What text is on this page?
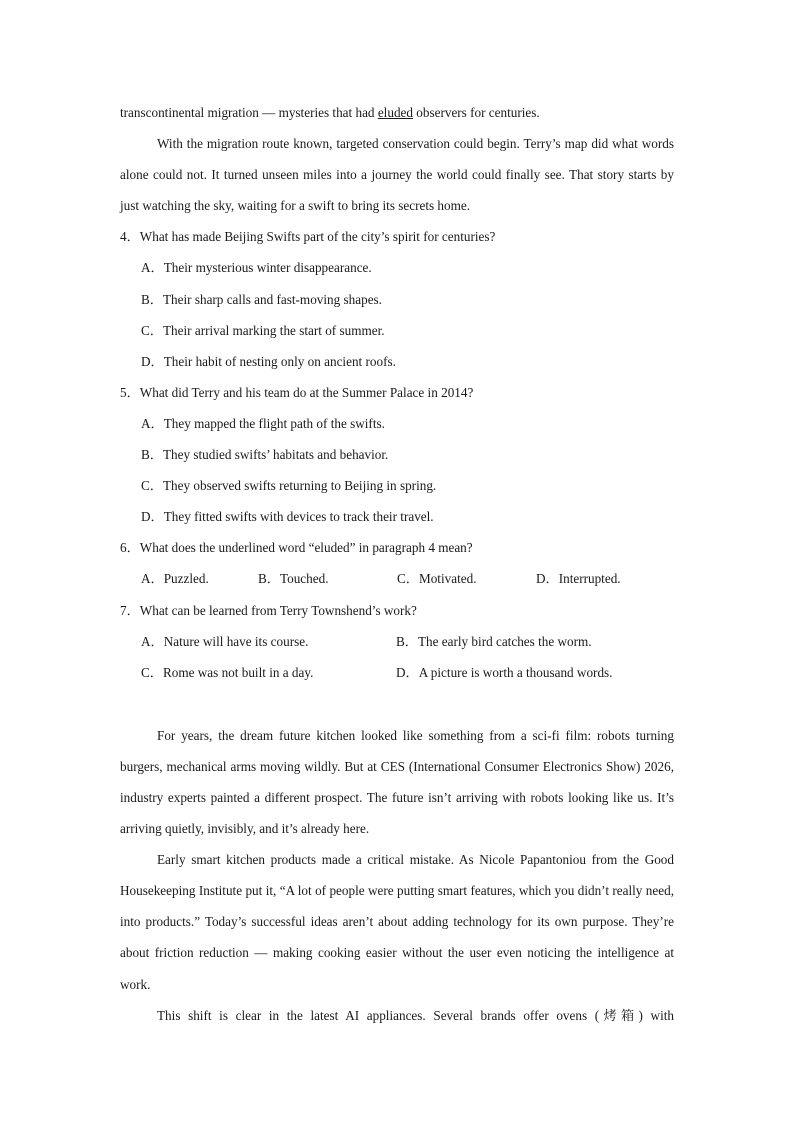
transcontinental migration — mysteries that had eluded observers for centuries.

With the migration route known, targeted conservation could begin. Terry’s map did what words alone could not. It turned unseen miles into a journey the world could finally see. That story starts by just watching the sky, waiting for a swift to bring its secrets home.

4．What has made Beijing Swifts part of the city’s spirit for centuries?

A．Their mysterious winter disappearance.

B．Their sharp calls and fast-moving shapes.

C．Their arrival marking the start of summer.

D．Their habit of nesting only on ancient roofs.

5．What did Terry and his team do at the Summer Palace in 2014?

A．They mapped the flight path of the swifts.

B．They studied swifts’ habitats and behavior.

C．They observed swifts returning to Beijing in spring.

D．They fitted swifts with devices to track their travel.

6．What does the underlined word “eluded” in paragraph 4 mean?

A．Puzzled.	B．Touched.	C．Motivated.	D．Interrupted.

7．What can be learned from Terry Townshend’s work?

A．Nature will have its course.	B．The early bird catches the worm.
C．Rome was not built in a day.	D．A picture is worth a thousand words.

For years, the dream future kitchen looked like something from a sci-fi film: robots turning burgers, mechanical arms moving wildly. But at CES (International Consumer Electronics Show) 2026, industry experts painted a different prospect. The future isn’t arriving with robots looking like us. It’s arriving quietly, invisibly, and it’s already here.

Early smart kitchen products made a critical mistake. As Nicole Papantoniou from the Good Housekeeping Institute put it, “A lot of people were putting smart features, which you didn’t really need, into products.” Today’s successful ideas aren’t about adding technology for its own purpose. They’re about friction reduction — making cooking easier without the user even noticing the intelligence at work.

This shift is clear in the latest AI appliances. Several brands offer ovens (烤箱) with
